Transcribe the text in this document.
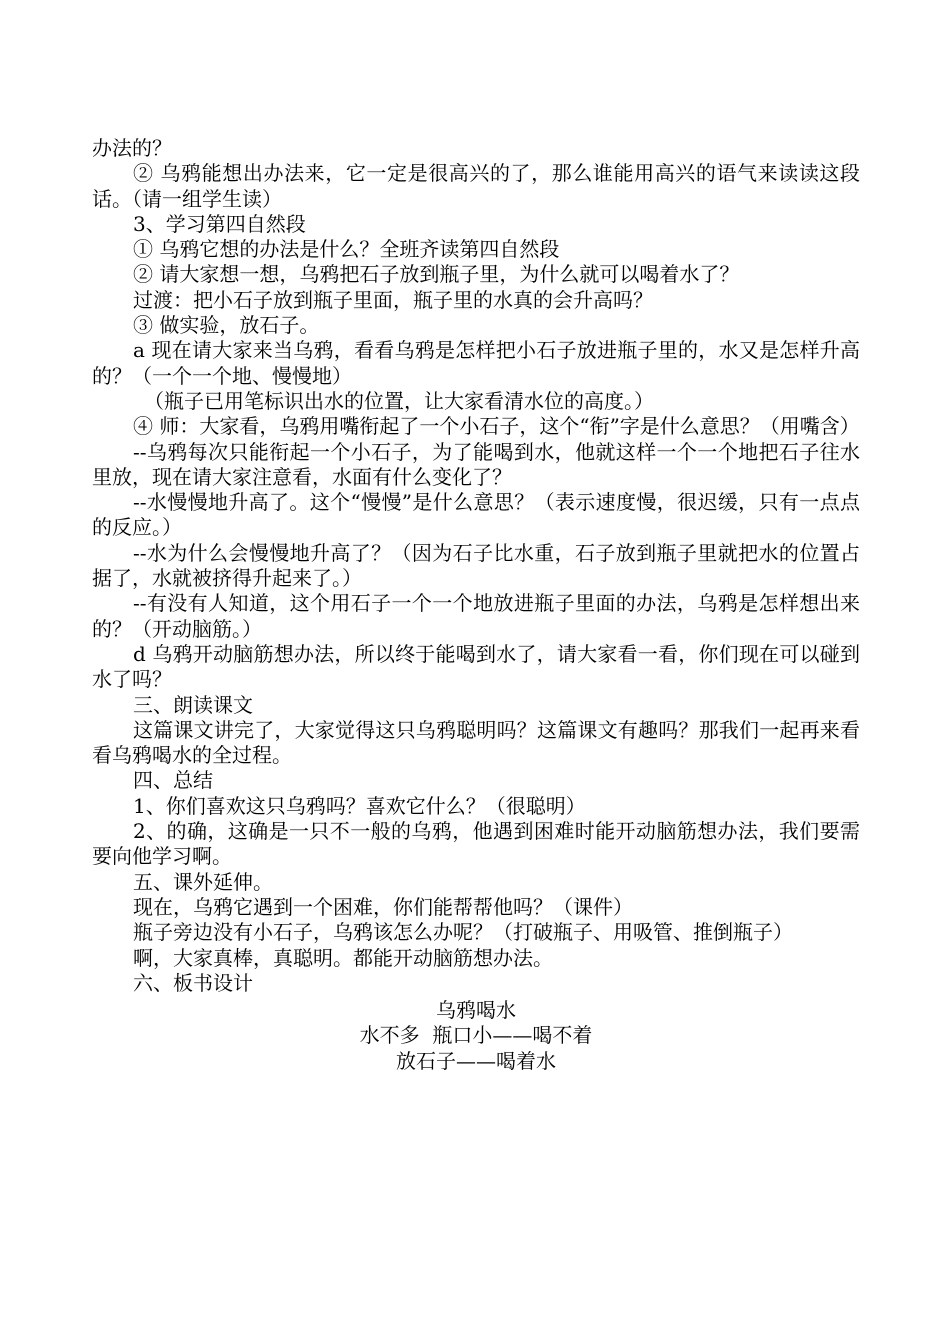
办法的？

② 乌鸦能想出办法来，它一定是很高兴的了，那么谁能用高兴的语气来读读这段话。（请一组学生读）

3、学习第四自然段

① 乌鸦它想的办法是什么？全班齐读第四自然段

② 请大家想一想，乌鸦把石子放到瓶子里，为什么就可以喝着水了？

过渡：把小石子放到瓶子里面，瓶子里的水真的会升高吗？

③ 做实验，放石子。

a 现在请大家来当乌鸦，看看乌鸦是怎样把小石子放进瓶子里的，水又是怎样升高的？（一个一个地、慢慢地）

（瓶子已用笔标识出水的位置，让大家看清水位的高度。）

④ 师：大家看，乌鸦用嘴衔起了一个小石子，这个“衔”字是什么意思？（用嘴含）

--乌鸦每次只能衔起一个小石子，为了能喝到水，他就这样一个一个地把石子往水里放，现在请大家注意看，水面有什么变化了？

--水慢慢地升高了。这个“慢慢”是什么意思？（表示速度慢，很迟缓，只有一点点的反应。）

--水为什么会慢慢地升高了？（因为石子比水重，石子放到瓶子里就把水的位置占据了，水就被挤得升起来了。）

--有没有人知道，这个用石子一个一个地放进瓶子里面的办法，乌鸦是怎样想出来的？（开动脑筋。）

d 乌鸦开动脑筋想办法，所以终于能喝到水了，请大家看一看，你们现在可以碰到水了吗？

三、朗读课文

这篇课文讲完了，大家觉得这只乌鸦聪明吗？这篇课文有趣吗？那我们一起再来看看乌鸦喝水的全过程。

四、总结

1、你们喜欢这只乌鸦吗？喜欢它什么？（很聪明）

2、的确，这确是一只不一般的乌鸦，他遇到困难时能开动脑筋想办法，我们要需要向他学习啊。

五、课外延伸。

现在，乌鸦它遇到一个困难，你们能帮帮他吗？（课件）

瓶子旁边没有小石子，乌鸦该怎么办呢？（打破瓶子、用吸管、推倒瓶子）

啊，大家真棒，真聪明。都能开动脑筋想办法。

六、板书设计

乌鸦喝水

水不多  瓶口小——喝不着

放石子——喝着水
